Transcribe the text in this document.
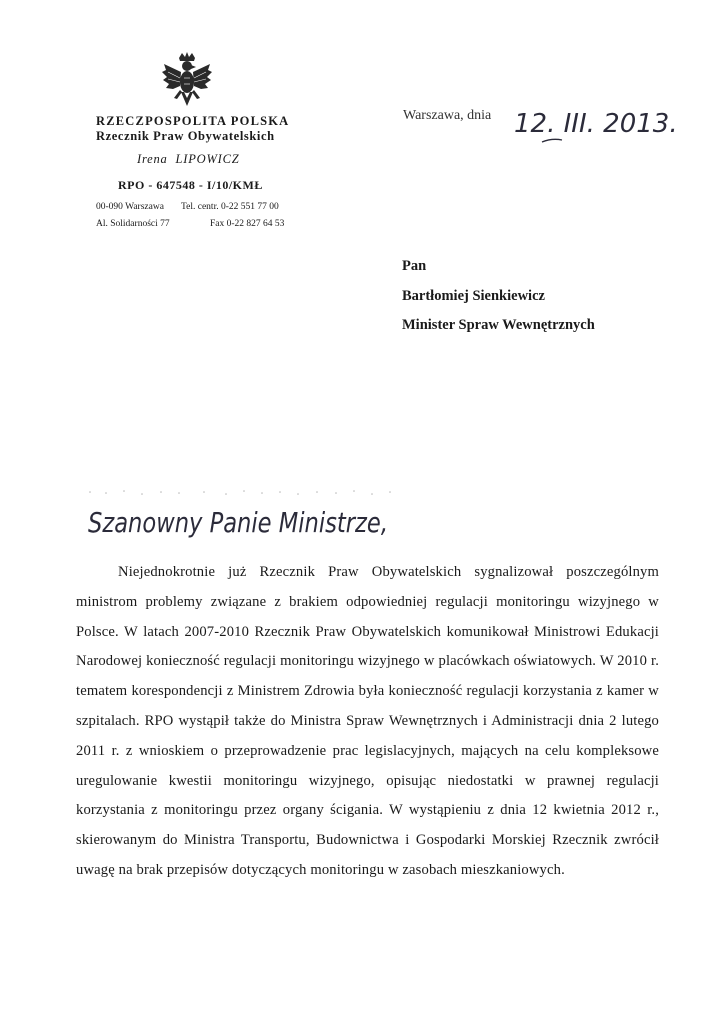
RZECZPOSPOLITA POLSKA
Rzecznik Praw Obywatelskich
Irena LIPOWICZ
RPO - 647548 - I/10/KMŁ
00-090 Warszawa
Al. Solidarności 77
Tel. centr. 0-22 551 77 00
Fax 0-22 827 64 53
Warszawa, dnia 12. III. 2013.
Pan
Bartłomiej Sienkiewicz
Minister Spraw Wewnętrznych
Szanowny Panie Ministrze,

Niejednokrotnie już Rzecznik Praw Obywatelskich sygnalizował poszczególnym ministrom problemy związane z brakiem odpowiedniej regulacji monitoringu wizyjnego w Polsce. W latach 2007-2010 Rzecznik Praw Obywatelskich komunikował Ministrowi Edukacji Narodowej konieczność regulacji monitoringu wizyjnego w placówkach oświatowych. W 2010 r. tematem korespondencji z Ministrem Zdrowia była konieczność regulacji korzystania z kamer w szpitalach. RPO wystąpił także do Ministra Spraw Wewnętrznych i Administracji dnia 2 lutego 2011 r. z wnioskiem o przeprowadzenie prac legislacyjnych, mających na celu kompleksowe uregulowanie kwestii monitoringu wizyjnego, opisując niedostatki w prawnej regulacji korzystania z monitoringu przez organy ścigania. W wystąpieniu z dnia 12 kwietnia 2012 r., skierowanym do Ministra Transportu, Budownictwa i Gospodarki Morskiej Rzecznik zwrócił uwagę na brak przepisów dotyczących monitoringu w zasobach mieszkaniowych.
